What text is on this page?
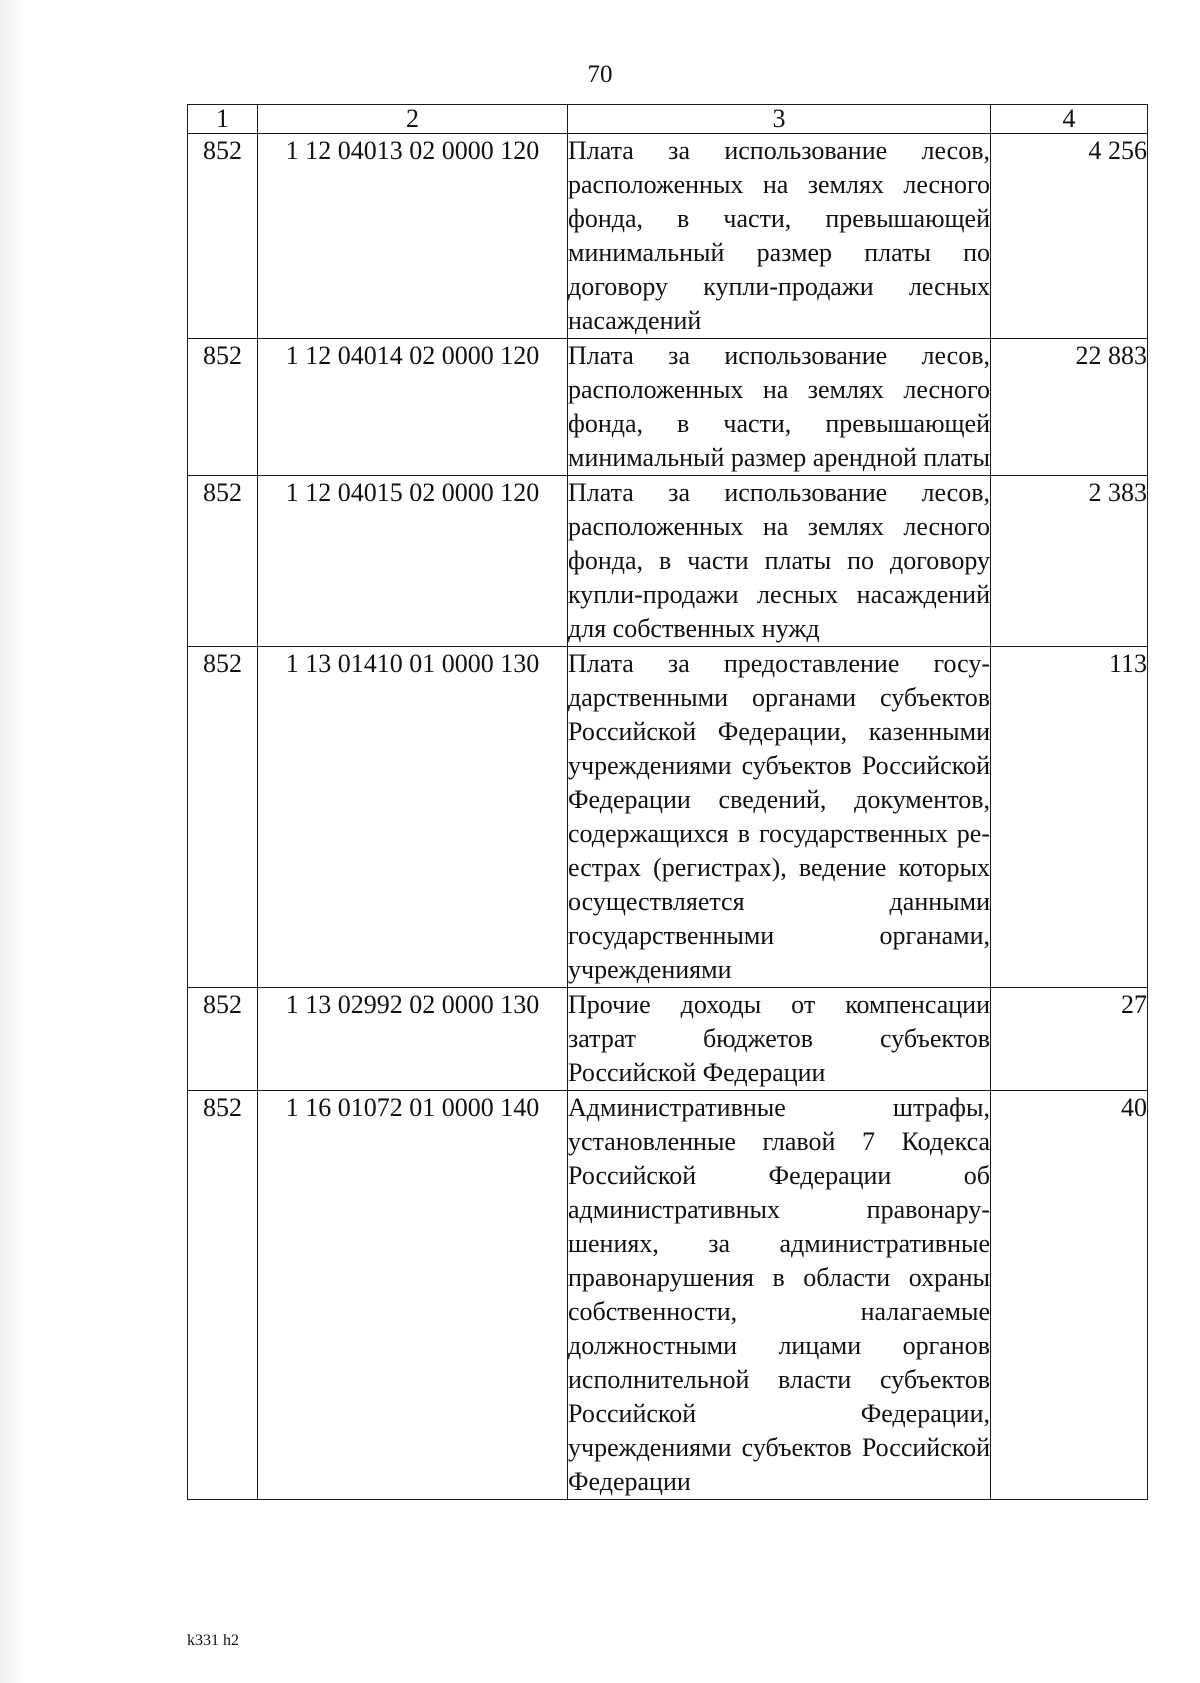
70
1	2	3	4
852	1 12 04013 02 0000 120	Плата за использование лесов, расположенных на землях лесного фонда, в части, превышающей минимальный размер платы по договору купли-продажи лесных насаждений	4 256
852	1 12 04014 02 0000 120	Плата за использование лесов, расположенных на землях лесного фонда, в части, превышающей минимальный размер арендной платы	22 883
852	1 12 04015 02 0000 120	Плата за использование лесов, расположенных на землях лесного фонда, в части платы по договору купли-продажи лесных насаждений для собственных нужд	2 383
852	1 13 01410 01 0000 130	Плата за предоставление государственными органами субъектов Российской Федерации, казенными учреждениями субъектов Российской Федерации сведений, документов, содержащихся в государственных реестрах (регистрах), ведение которых осуществляется данными государственными органами, учреждениями	113
852	1 13 02992 02 0000 130	Прочие доходы от компенсации затрат бюджетов субъектов Российской Федерации	27
852	1 16 01072 01 0000 140	Административные штрафы, установленные главой 7 Кодекса Российской Федерации об административных правонарушениях, за административные правонарушения в области охраны собственности, налагаемые должностными лицами органов исполнительной власти субъектов Российской Федерации, учреждениями субъектов Российской Федерации	40
k331 h2
